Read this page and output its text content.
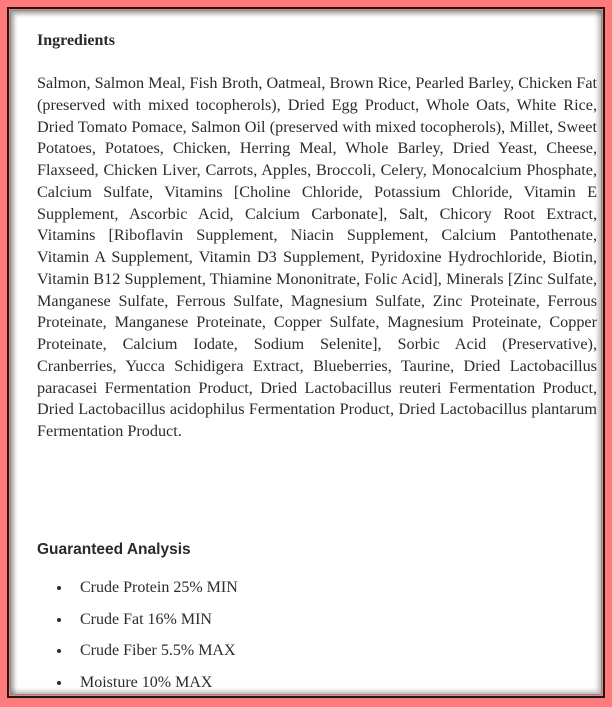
Ingredients

Salmon, Salmon Meal, Fish Broth, Oatmeal, Brown Rice, Pearled Barley, Chicken Fat (preserved with mixed tocopherols), Dried Egg Product, Whole Oats, White Rice, Dried Tomato Pomace, Salmon Oil (preserved with mixed tocopherols), Millet, Sweet Potatoes, Potatoes, Chicken, Herring Meal, Whole Barley, Dried Yeast, Cheese, Flaxseed, Chicken Liver, Carrots, Apples, Broccoli, Celery, Monocalcium Phosphate, Calcium Sulfate, Vitamins [Choline Chloride, Potassium Chloride, Vitamin E Supplement, Ascorbic Acid, Calcium Carbonate], Salt, Chicory Root Extract, Vitamins [Riboflavin Supplement, Niacin Supplement, Calcium Pantothenate, Vitamin A Supplement, Vitamin D3 Supplement, Pyridoxine Hydrochloride, Biotin, Vitamin B12 Supplement, Thiamine Mononitrate, Folic Acid], Minerals [Zinc Sulfate, Manganese Sulfate, Ferrous Sulfate, Magnesium Sulfate, Zinc Proteinate, Ferrous Proteinate, Manganese Proteinate, Copper Sulfate, Magnesium Proteinate, Copper Proteinate, Calcium Iodate, Sodium Selenite], Sorbic Acid (Preservative), Cranberries, Yucca Schidigera Extract, Blueberries, Taurine, Dried Lactobacillus paracasei Fermentation Product, Dried Lactobacillus reuteri Fermentation Product, Dried Lactobacillus acidophilus Fermentation Product, Dried Lactobacillus plantarum Fermentation Product.

Guaranteed Analysis
Crude Protein 25% MIN
Crude Fat 16% MIN
Crude Fiber 5.5% MAX
Moisture 10% MAX
